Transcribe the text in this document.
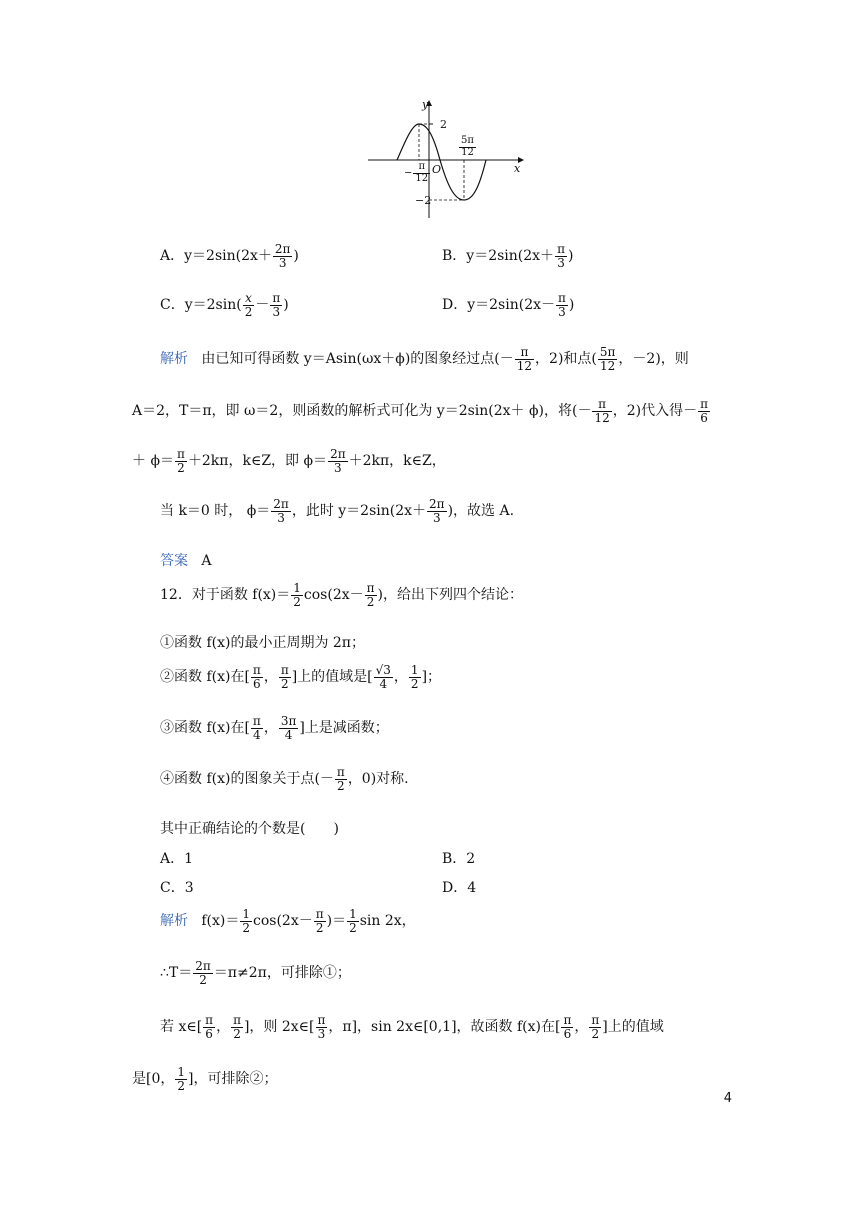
y
x
O
2
−2
− $\frac{\pi}{12}$
$\frac{5\pi}{12}$
A．$y=2\sin(2x+ \frac{2\pi}{3}$ )	B．$y=2\sin(2x+ \frac{\pi}{3}$ )
C．$y=2\sin( \frac{x}{2} - \frac{\pi}{3}$ )	D．$y=2\sin(2x- \frac{\pi}{3}$ )
解析 由已知可得函数 y＝Asin(ωx＋ϕ)的图象经过点(－ $\frac{\pi}{12}$ ，2)和点( $\frac{5\pi}{12}$ ，－2)，则
A＝2，T＝π，即 ω＝2，则函数的解析式可化为 y＝2sin(2x＋ ϕ)，将(－ $\frac{\pi}{12}$ ，2)代入得－ $\frac{\pi}{6}$
＋ $\phi= \frac{\pi}{2} +2k\pi$，k∈Z，即 $\phi= \frac{2\pi}{3} +2k\pi$，k∈Z，
当 k＝0 时， $\phi= \frac{2\pi}{3}$ ，此时 $y=2\sin(2x+ \frac{2\pi}{3}$ )，故选 A.
答案 A
12．对于函数 $f(x)= \frac{1}{2} \cos(2x- \frac{\pi}{2}$ )，给出下列四个结论：
①函数 f(x)的最小正周期为 2π；
②函数 f(x)在[ $\frac{\pi}{6}$ ， $\frac{\pi}{2}$ ]上的值域是[ $\frac{√3}{4}$ ， $\frac{1}{2}$ ]；
③函数 f(x)在[ $\frac{\pi}{4}$ ， $\frac{3\pi}{4}$ ]上是减函数；
④函数 f(x)的图象关于点(－ $\frac{\pi}{2}$ ，0)对称.
其中正确结论的个数是(　　)
A．1	B．2
C．3	D．4
解析 $f(x)= \frac{1}{2} \cos(2x- \frac{\pi}{2}$ )＝ $\frac{1}{2}$ sin 2x，
∴T＝ $\frac{2\pi}{2} =\pi\ne 2\pi$，可排除①；
若 x∈[ $\frac{\pi}{6}$ ， $\frac{\pi}{2}$ ]，则 2x∈[ $\frac{\pi}{3}$ ，π]，sin 2x∈[0,1]，故函数 f(x)在[ $\frac{\pi}{6}$ ， $\frac{\pi}{2}$ ]上的值域
是[0， $\frac{1}{2}$ ]，可排除②；
4
